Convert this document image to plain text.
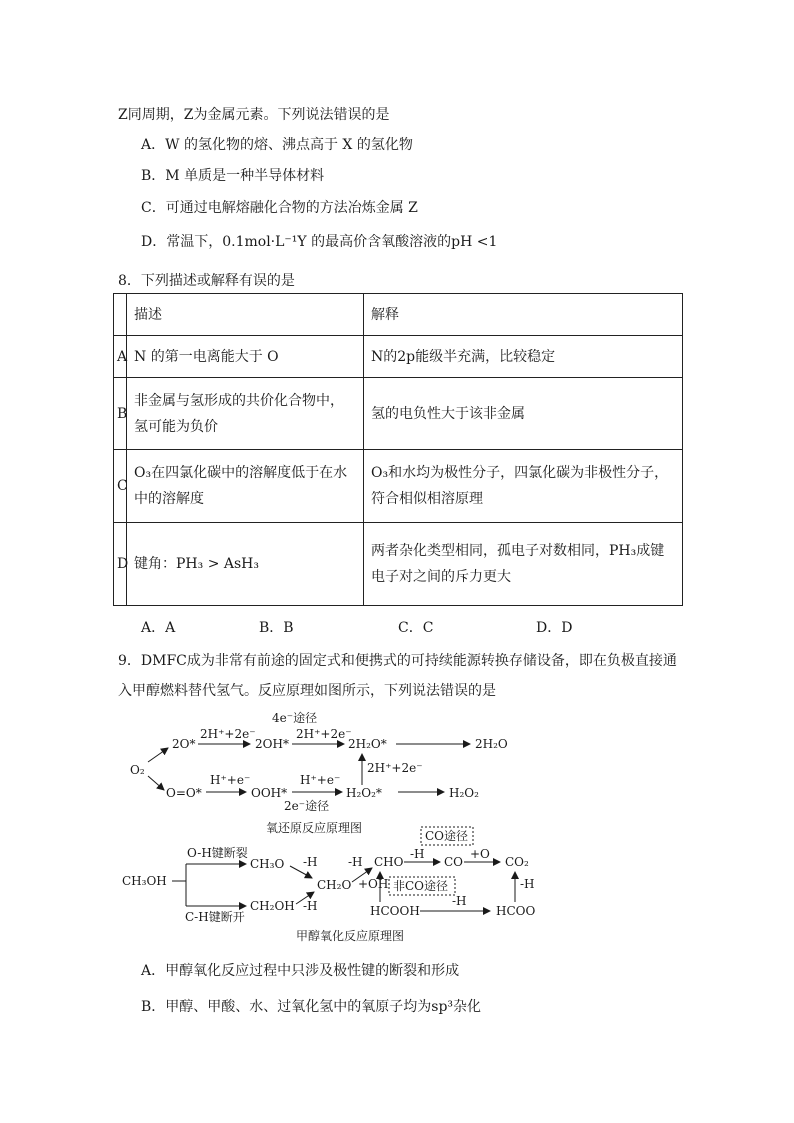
Z同周期，Z为金属元素。下列说法错误的是
A．W 的氢化物的熔、沸点高于 X 的氢化物
B．M 单质是一种半导体材料
C．可通过电解熔融化合物的方法冶炼金属 Z
D．常温下，0.1mol·L⁻¹Y 的最高价含氧酸溶液的pH <1
8．下列描述或解释有误的是
	描述	解释
A	N 的第一电离能大于 O	N的2p能级半充满，比较稳定
B	非金属与氢形成的共价化合物中，氢可能为负价	氢的电负性大于该非金属
C	O₃在四氯化碳中的溶解度低于在水中的溶解度	O₃和水均为极性分子，四氯化碳为非极性分子，符合相似相溶原理
D	键角：PH₃ > AsH₃	两者杂化类型相同，孤电子对数相同，PH₃成键电子对之间的斥力更大
A．A	B．B	C．C	D．D
9．DMFC成为非常有前途的固定式和便携式的可持续能源转换存储设备，即在负极直接通
入甲醇燃料替代氢气。反应原理如图所示，下列说法错误的是
4e⁻途径
O₂
2O*
2H⁺+2e⁻
2OH*
2H⁺+2e⁻
2H₂O*	2H₂O
2H⁺+2e⁻
O=O*
H⁺+e⁻
OOH*
H⁺+e⁻
2e⁻途径
H₂O₂*	H₂O₂
氧还原反应原理图
O-H键断裂
CH₃OH
C-H键断开
CH₃O
CH₂OH
-H
-H
CH₂O
-H CHO
-H
CO
+O
CO₂
CO途径
+OH 非CO途径
HCOOH
-H
HCOO
-H
甲醇氧化反应原理图
A．甲醇氧化反应过程中只涉及极性键的断裂和形成
B．甲醇、甲酸、水、过氧化氢中的氧原子均为sp³杂化
